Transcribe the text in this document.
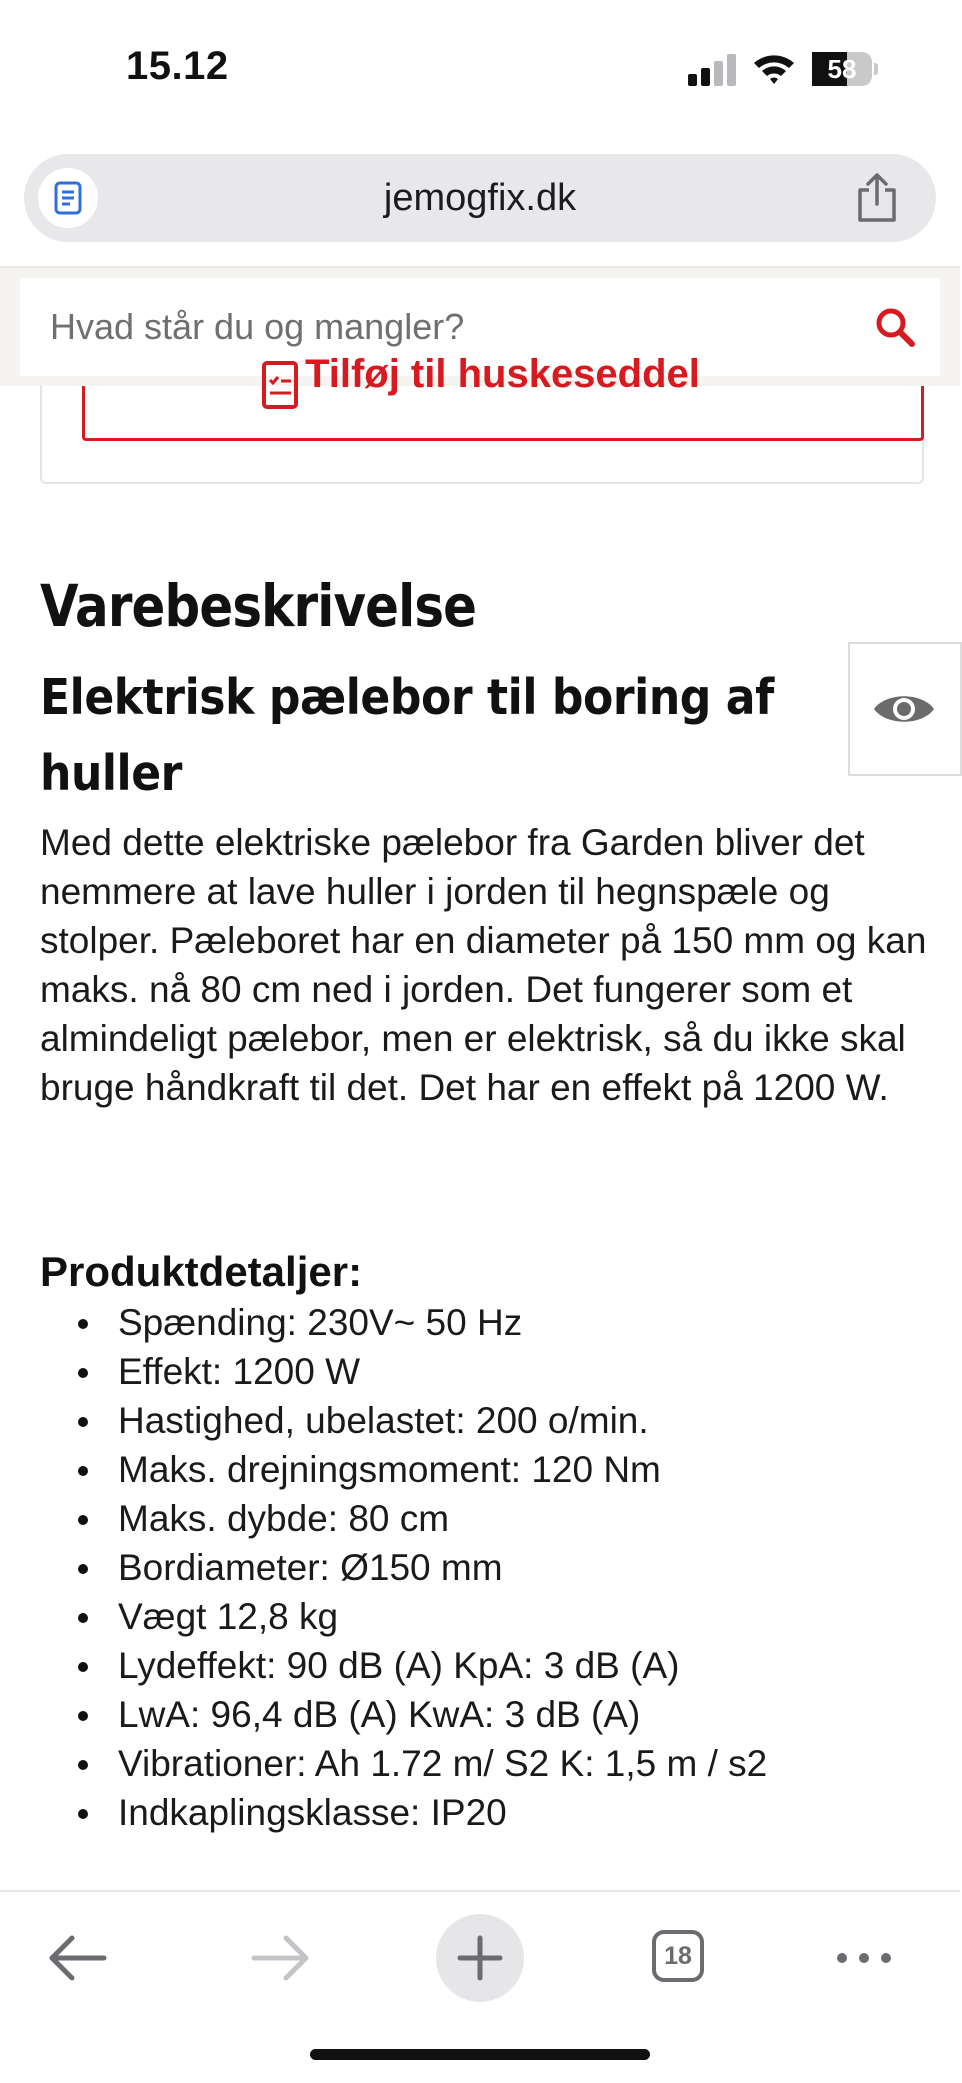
15.12	58
jemogfix.dk
Hvad står du og mangler?
Tilføj til huskeseddel
Varebeskrivelse
Elektrisk pælebor til boring af huller
Med dette elektriske pælebor fra Garden bliver det nemmere at lave huller i jorden til hegnspæle og stolper. Pæleboret har en diameter på 150 mm og kan maks. nå 80 cm ned i jorden. Det fungerer som et almindeligt pælebor, men er elektrisk, så du ikke skal bruge håndkraft til det. Det har en effekt på 1200 W.
Produktdetaljer:
Spænding: 230V~ 50 Hz
Effekt: 1200 W
Hastighed, ubelastet: 200 o/min.
Maks. drejningsmoment: 120 Nm
Maks. dybde: 80 cm
Bordiameter: Ø150 mm
Vægt 12,8 kg
Lydeffekt: 90 dB (A) KpA: 3 dB (A)
LwA: 96,4 dB (A) KwA: 3 dB (A)
Vibrationer: Ah 1.72 m/ S2 K: 1,5 m / s2
Indkaplingsklasse: IP20
18
